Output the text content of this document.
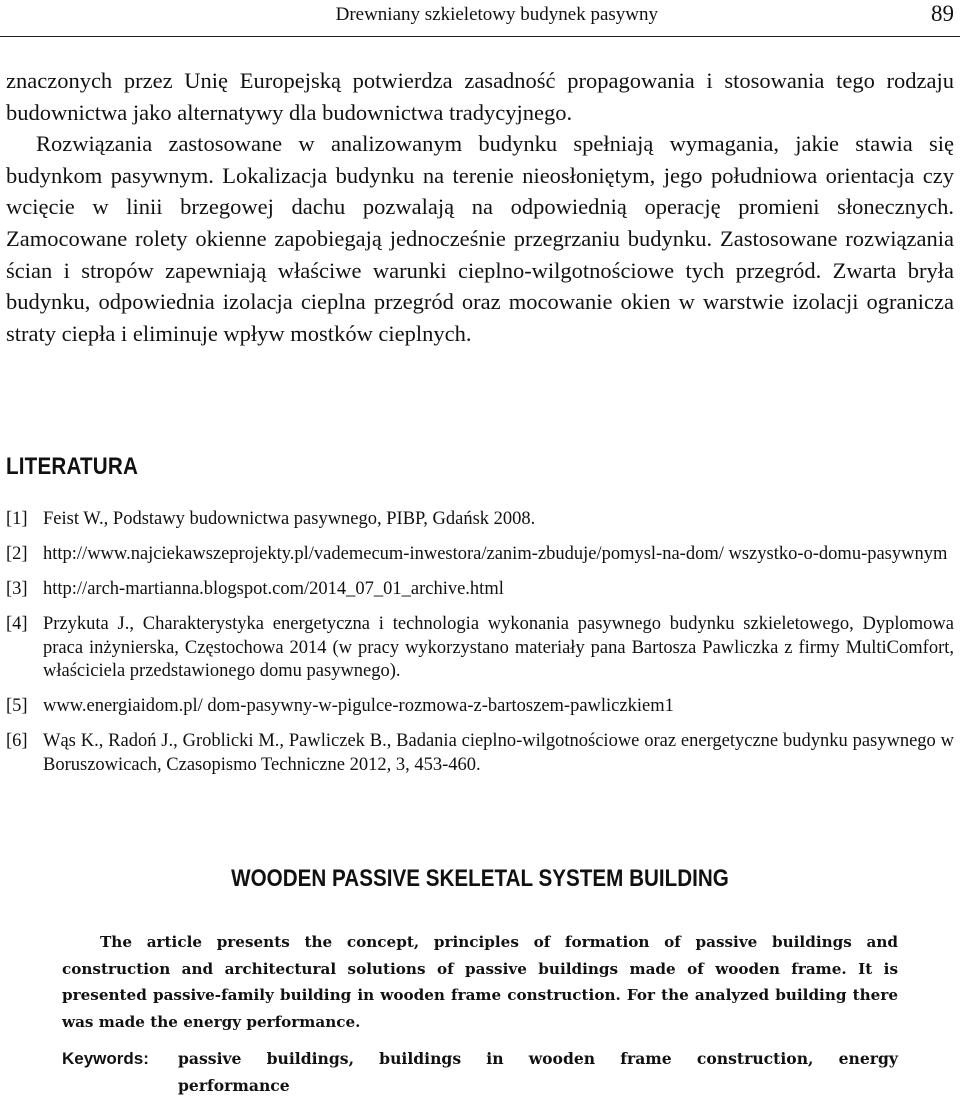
Drewniany szkieletowy budynek pasywny	89

znaczonych przez Unię Europejską potwierdza zasadność propagowania i stosowania tego rodzaju budownictwa jako alternatywy dla budownictwa tradycyjnego.

Rozwiązania zastosowane w analizowanym budynku spełniają wymagania, jakie stawia się budynkom pasywnym. Lokalizacja budynku na terenie nieosłoniętym, jego południowa orientacja czy wcięcie w linii brzegowej dachu pozwalają na odpowiednią operację promieni słonecznych. Zamocowane rolety okienne zapobiegają jednocześnie przegrzaniu budynku. Zastosowane rozwiązania ścian i stropów zapewniają właściwe warunki cieplno-wilgotnościowe tych przegród. Zwarta bryła budynku, odpowiednia izolacja cieplna przegród oraz mocowanie okien w warstwie izolacji ogranicza straty ciepła i eliminuje wpływ mostków cieplnych.

LITERATURA
[1] Feist W., Podstawy budownictwa pasywnego, PIBP, Gdańsk 2008.
[2] http://www.najciekawszeprojekty.pl/vademecum-inwestora/zanim-zbuduje/pomysl-na-dom/ wszystko-o-domu-pasywnym
[3] http://arch-martianna.blogspot.com/2014_07_01_archive.html
[4] Przykuta J., Charakterystyka energetyczna i technologia wykonania pasywnego budynku szkieletowego, Dyplomowa praca inżynierska, Częstochowa 2014 (w pracy wykorzystano materiały pana Bartosza Pawliczka z firmy MultiComfort, właściciela przedstawionego domu pasywnego).
[5] www.energiaidom.pl/ dom-pasywny-w-pigulce-rozmowa-z-bartoszem-pawliczkiem1
[6] Wąs K., Radoń J., Groblicki M., Pawliczek B., Badania cieplno-wilgotnościowe oraz energetyczne budynku pasywnego w Boruszowicach, Czasopismo Techniczne 2012, 3, 453-460.
WOODEN PASSIVE SKELETAL SYSTEM BUILDING

The article presents the concept, principles of formation of passive buildings and construction and architectural solutions of passive buildings made of wooden frame. It is presented passive-family building in wooden frame construction. For the analyzed building there was made the energy performance.

Keywords: passive buildings, buildings in wooden frame construction, energy performance
